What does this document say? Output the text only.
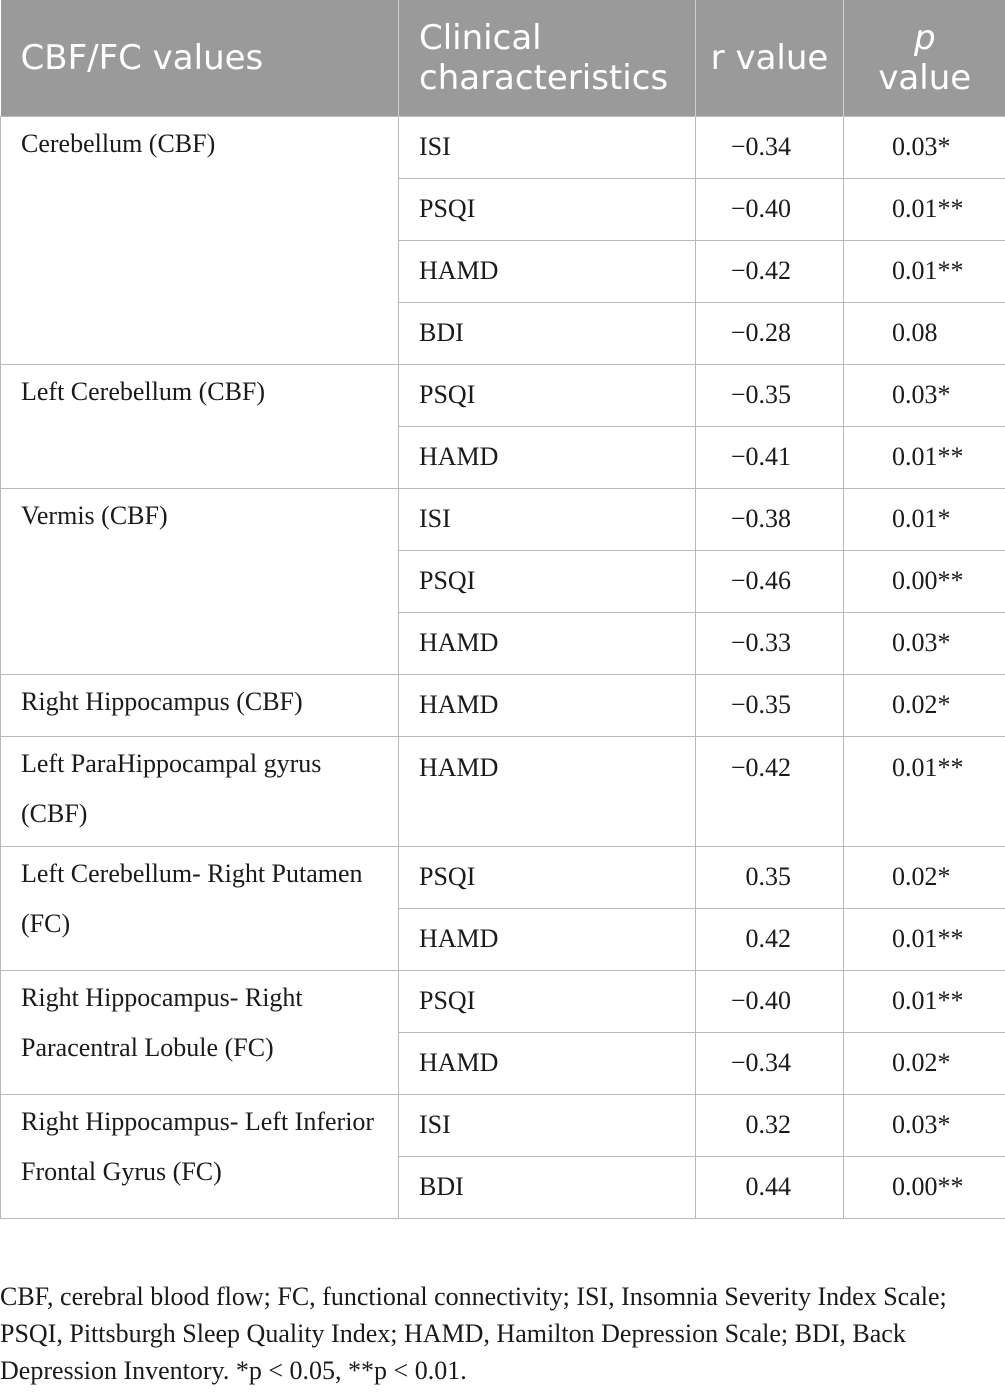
CBF/FC values	Clinical characteristics	r value	p
value

Cerebellum (CBF)	ISI	−0.34	0.03*
	PSQI	−0.40	0.01**
	HAMD	−0.42	0.01**
	BDI	−0.28	0.08

Left Cerebellum (CBF)	PSQI	−0.35	0.03*
	HAMD	−0.41	0.01**

Vermis (CBF)	ISI	−0.38	0.01*
	PSQI	−0.46	0.00**
	HAMD	−0.33	0.03*

Right Hippocampus (CBF)	HAMD	−0.35	0.02*

Left ParaHippocampal gyrus (CBF)	HAMD	−0.42	0.01**

Left Cerebellum- Right Putamen (FC)	PSQI	0.35	0.02*
	HAMD	0.42	0.01**

Right Hippocampus- Right Paracentral Lobule (FC)	PSQI	−0.40	0.01**
	HAMD	−0.34	0.02*

Right Hippocampus- Left Inferior Frontal Gyrus (FC)	ISI	0.32	0.03*
	BDI	0.44	0.00**
CBF, cerebral blood flow; FC, functional connectivity; ISI, Insomnia Severity Index Scale; PSQI, Pittsburgh Sleep Quality Index; HAMD, Hamilton Depression Scale; BDI, Back Depression Inventory. *p < 0.05, **p < 0.01.
